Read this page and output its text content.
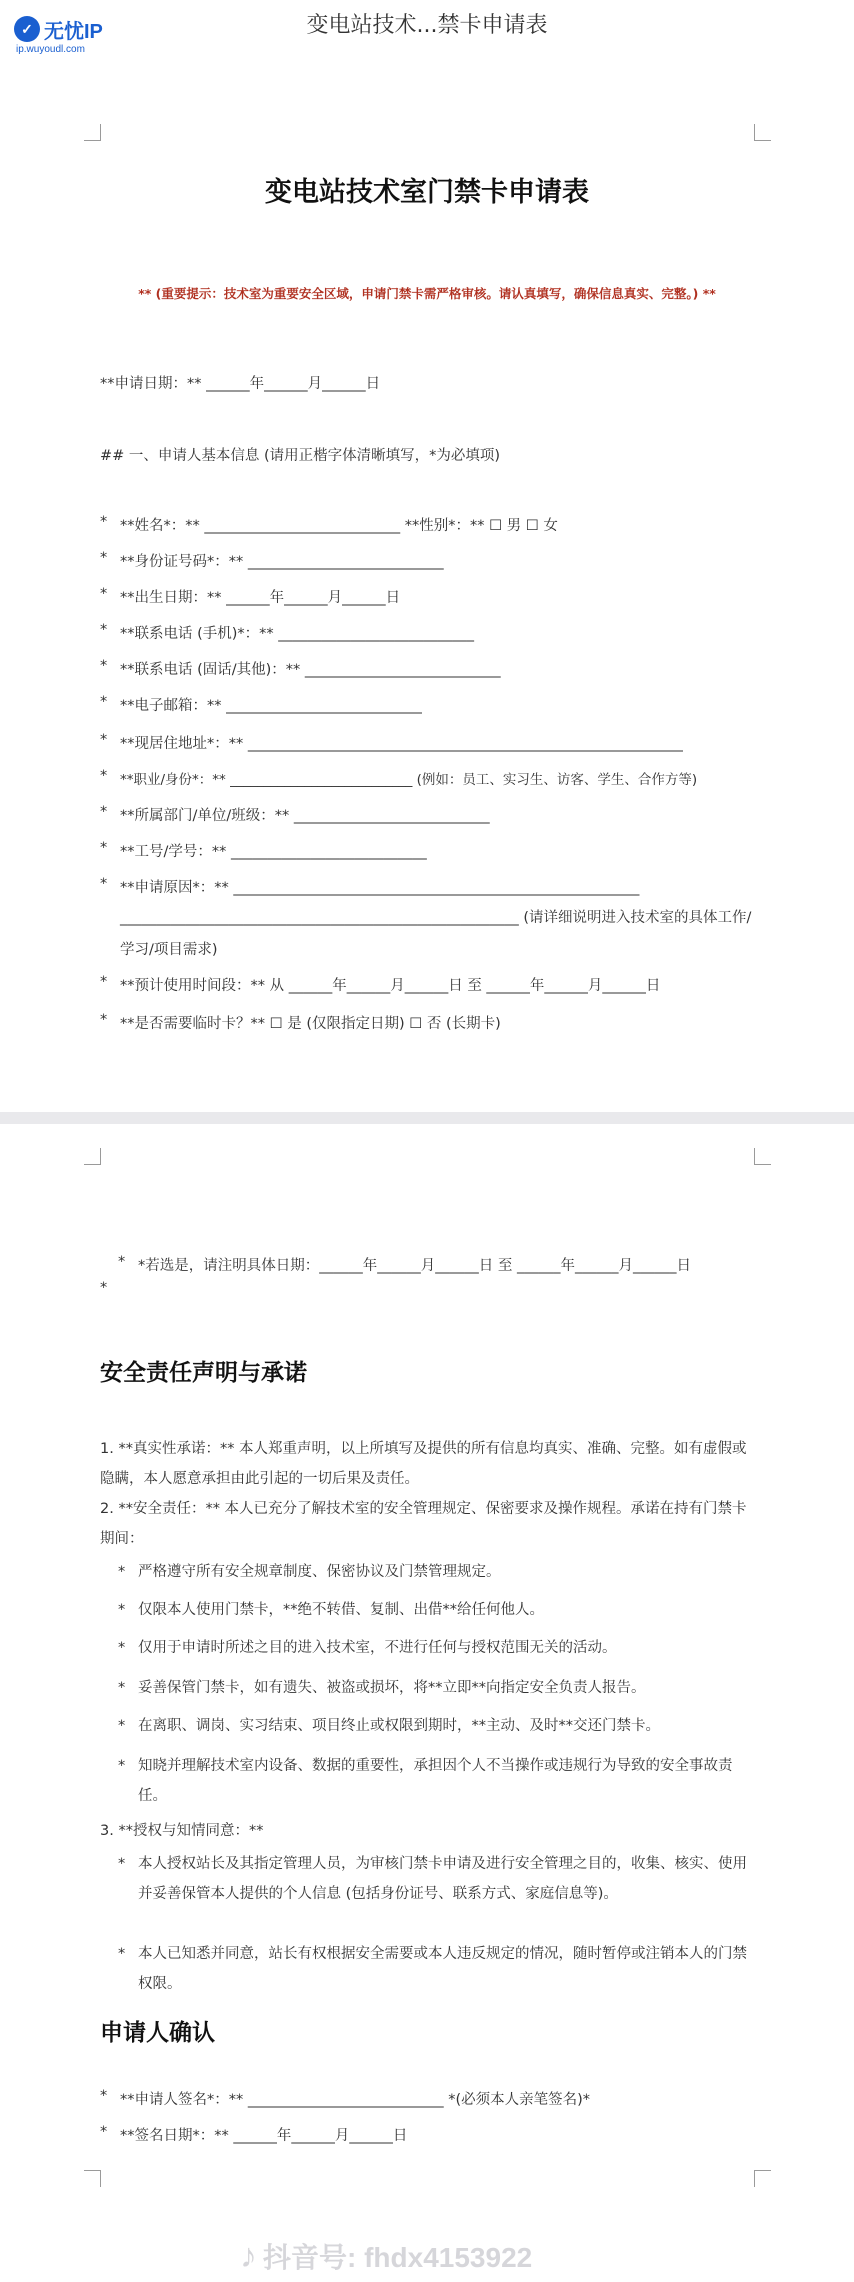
✓ 无忧IP
ip.wuyoudl.com
变电站技术...禁卡申请表
变电站技术室门禁卡申请表
** (重要提示：技术室为重要安全区域，申请门禁卡需严格审核。请认真填写，确保信息真实、完整。) **
**申请日期：** ______年______月______日
## 一、申请人基本信息 (请用正楷字体清晰填写，*为必填项)
* **姓名*：** ___________________________ **性别*：** ☐ 男 ☐ 女
* **身份证号码*：** ___________________________
* **出生日期：** ______年______月______日
* **联系电话 (手机)*：** ___________________________
* **联系电话 (固话/其他)：** ___________________________
* **电子邮箱：** ___________________________
* **现居住地址*：** ____________________________________________________________
* **职业/身份*：** ___________________________ (例如：员工、实习生、访客、学生、合作方等)
* **所属部门/单位/班级：** ___________________________
* **工号/学号：** ___________________________
* **申请原因*：** ________________________________________________________
_______________________________________________________ (请详细说明进入技术室的具体工作/学习/项目需求)
* **预计使用时间段：** 从 ______年______月______日 至 ______年______月______日
* **是否需要临时卡？** ☐ 是 (仅限指定日期) ☐ 否 (长期卡)
* *若选是，请注明具体日期：______年______月______日 至 ______年______月______日
*
安全责任声明与承诺
1. **真实性承诺：** 本人郑重声明，以上所填写及提供的所有信息均真实、准确、完整。如有虚假或隐瞒，本人愿意承担由此引起的一切后果及责任。
2. **安全责任：** 本人已充分了解技术室的安全管理规定、保密要求及操作规程。承诺在持有门禁卡期间：
* 严格遵守所有安全规章制度、保密协议及门禁管理规定。
* 仅限本人使用门禁卡，**绝不转借、复制、出借**给任何他人。
* 仅用于申请时所述之目的进入技术室，不进行任何与授权范围无关的活动。
* 妥善保管门禁卡，如有遗失、被盗或损坏，将**立即**向指定安全负责人报告。
* 在离职、调岗、实习结束、项目终止或权限到期时，**主动、及时**交还门禁卡。
* 知晓并理解技术室内设备、数据的重要性，承担因个人不当操作或违规行为导致的安全事故责任。
3. **授权与知情同意：**
* 本人授权站长及其指定管理人员，为审核门禁卡申请及进行安全管理之目的，收集、核实、使用并妥善保管本人提供的个人信息 (包括身份证号、联系方式、家庭信息等)。
* 本人已知悉并同意，站长有权根据安全需要或本人违反规定的情况，随时暂停或注销本人的门禁权限。
申请人确认
* **申请人签名*：** ___________________________ *(必须本人亲笔签名)*
* **签名日期*：** ______年______月______日
♪ 抖音号: fhdx4153922
